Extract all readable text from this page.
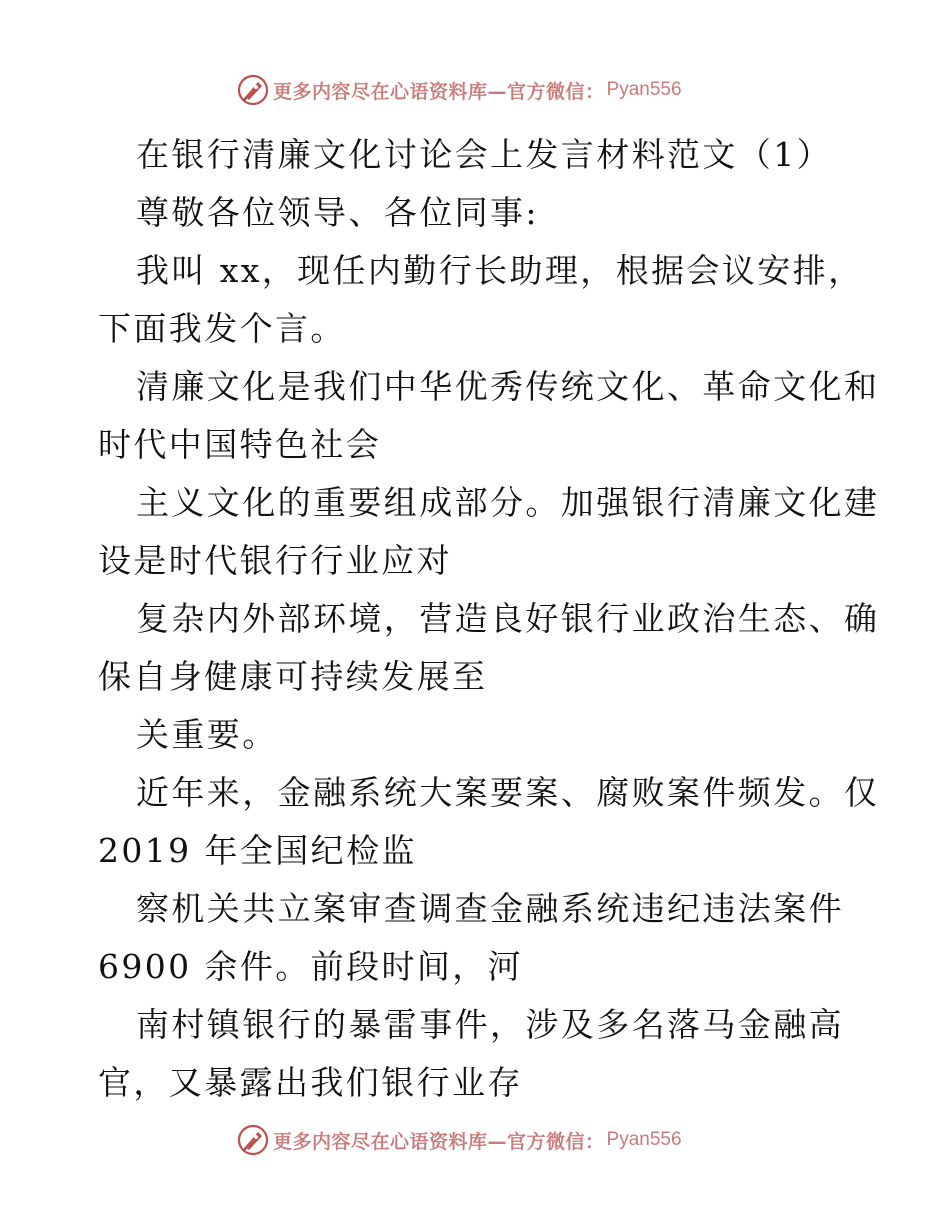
更多内容尽在心语资料库—官方微信： Pyan556
在银行清廉文化讨论会上发言材料范文（1）
尊敬各位领导、各位同事:
我叫 xx，现任内勤行长助理，根据会议安排，
下面我发个言。
清廉文化是我们中华优秀传统文化、革命文化和
时代中国特色社会
主义文化的重要组成部分。加强银行清廉文化建
设是时代银行行业应对
复杂内外部环境，营造良好银行业政治生态、确
保自身健康可持续发展至
关重要。
近年来，金融系统大案要案、腐败案件频发。仅
2019 年全国纪检监
察机关共立案审查调查金融系统违纪违法案件
6900 余件。前段时间，河
南村镇银行的暴雷事件，涉及多名落马金融高
官，又暴露出我们银行业存
更多内容尽在心语资料库—官方微信： Pyan556
